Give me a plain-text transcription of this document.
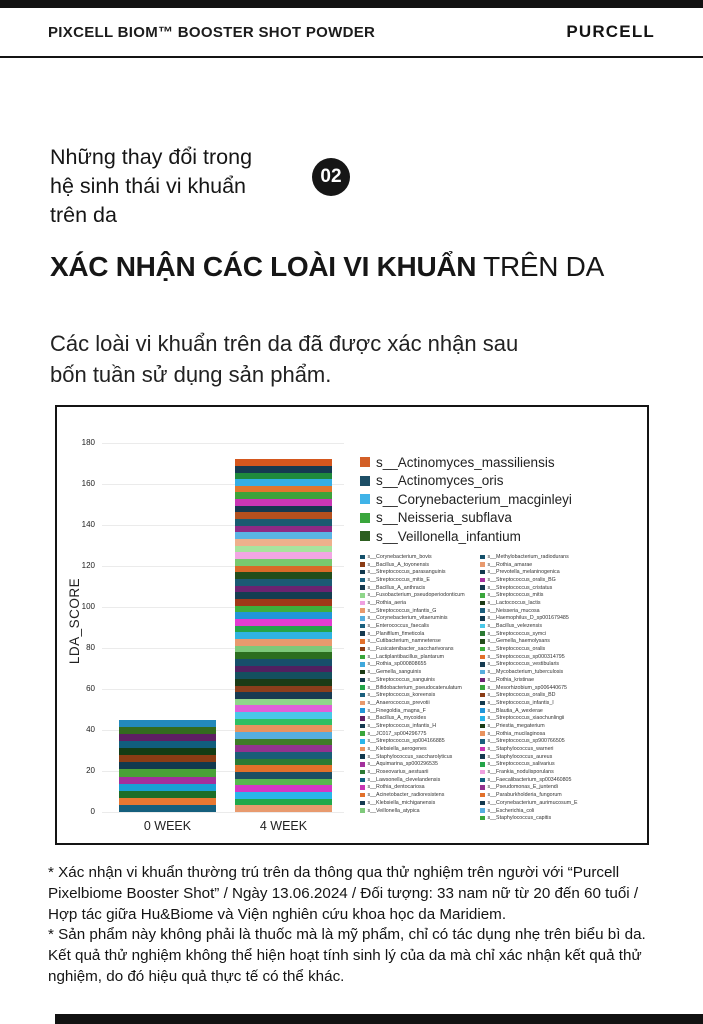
PIXCELL BIOM™ BOOSTER SHOT POWDER	PURCELL
Những thay đổi trong
hệ sinh thái vi khuẩn
trên da
02
XÁC NHẬN CÁC LOÀI VI KHUẨN TRÊN DA
Các loài vi khuẩn trên da đã được xác nhận sau
bốn tuần sử dụng sản phẩm.
LDA_SCORE
0
20
40
60
80
100
120
140
160
180
0 WEEK	4 WEEK
s__Actinomyces_massiliensis
s__Actinomyces_oris
s__Corynebacterium_macginleyi
s__Neisseria_subflava
s__Veillonella_infantium
s__Corynebacterium_bovis
s__Bacillus_A_toyonensis
s__Streptococcus_parasanguinis
s__Streptococcus_mitis_E
s__Bacillus_A_anthracis
s__Fusobacterium_pseudoperiodonticum
s__Rothia_aeria
s__Streptococcus_infantis_G
s__Corynebacterium_vitaeruminis
s__Enterococcus_faecalis
s__Planifilum_fimeticola
s__Cutibacterium_namnetense
s__Fusicatenibacter_saccharivorans
s__Lactiplantibacillus_plantarum
s__Rothia_sp000808655
s__Gemella_sanguinis
s__Streptococcus_sanguinis
s__Bifidobacterium_pseudocatenulatum
s__Streptococcus_koreensis
s__Anaerococcus_prevotii
s__Finegoldia_magna_F
s__Bacillus_A_mycoides
s__Streptococcus_infantis_H
s__JC017_sp004296775
s__Streptococcus_sp004166885
s__Klebsiella_aerogenes
s__Staphylococcus_saccharolyticus
s__Aquimarina_sp000296535
s__Roseovarius_aestuarii
s__Lawsonella_clevelandensis
s__Rothia_dentocariosa
s__Acinetobacter_radioresistens
s__Klebsiella_michiganensis
s__Veillonella_atypica
s__Methylobacterium_radiodurans
s__Rothia_amarae
s__Prevotella_melaninogenica
s__Streptococcus_oralis_BG
s__Streptococcus_cristatus
s__Streptococcus_mitis
s__Lactococcus_lactis
s__Neisseria_mucosa
s__Haemophilus_D_sp001679485
s__Bacillus_velezensis
s__Streptococcus_symci
s__Gemella_haemolysans
s__Streptococcus_oralis
s__Streptococcus_sp000314795
s__Streptococcus_vestibularis
s__Mycobacterium_tuberculosis
s__Rothia_kristinae
s__Mesorhizobium_sp006440675
s__Streptococcus_oralis_BD
s__Streptococcus_infantis_I
s__Blautia_A_wexlerae
s__Streptococcus_xiaochunlingii
s__Priestia_megaterium
s__Rothia_mucilaginosa
s__Streptococcus_sp900766505
s__Staphylococcus_warneri
s__Staphylococcus_aureus
s__Streptococcus_salivarius
s__Frankia_nodulisporulans
s__Faecalibacterium_sp003460805
s__Pseudomonas_E_juntendi
s__Paraburkholderia_fungorum
s__Corynebacterium_aurimucosum_E
s__Escherichia_coli
s__Staphylococcus_capitis

* Xác nhận vi khuẩn thường trú trên da thông qua thử nghiệm trên người với “Purcell Pixelbiome Booster Shot” / Ngày 13.06.2024 / Đối tượng: 33 nam nữ từ 20 đến 60 tuổi / Hợp tác giữa Hu&Biome và Viện nghiên cứu khoa học da Maridiem.

* Sản phẩm này không phải là thuốc mà là mỹ phẩm, chỉ có tác dụng nhẹ trên biểu bì da.

Kết quả thử nghiệm không thể hiện hoạt tính sinh lý của da mà chỉ xác nhận kết quả thử nghiệm, do đó hiệu quả thực tế có thể khác.
